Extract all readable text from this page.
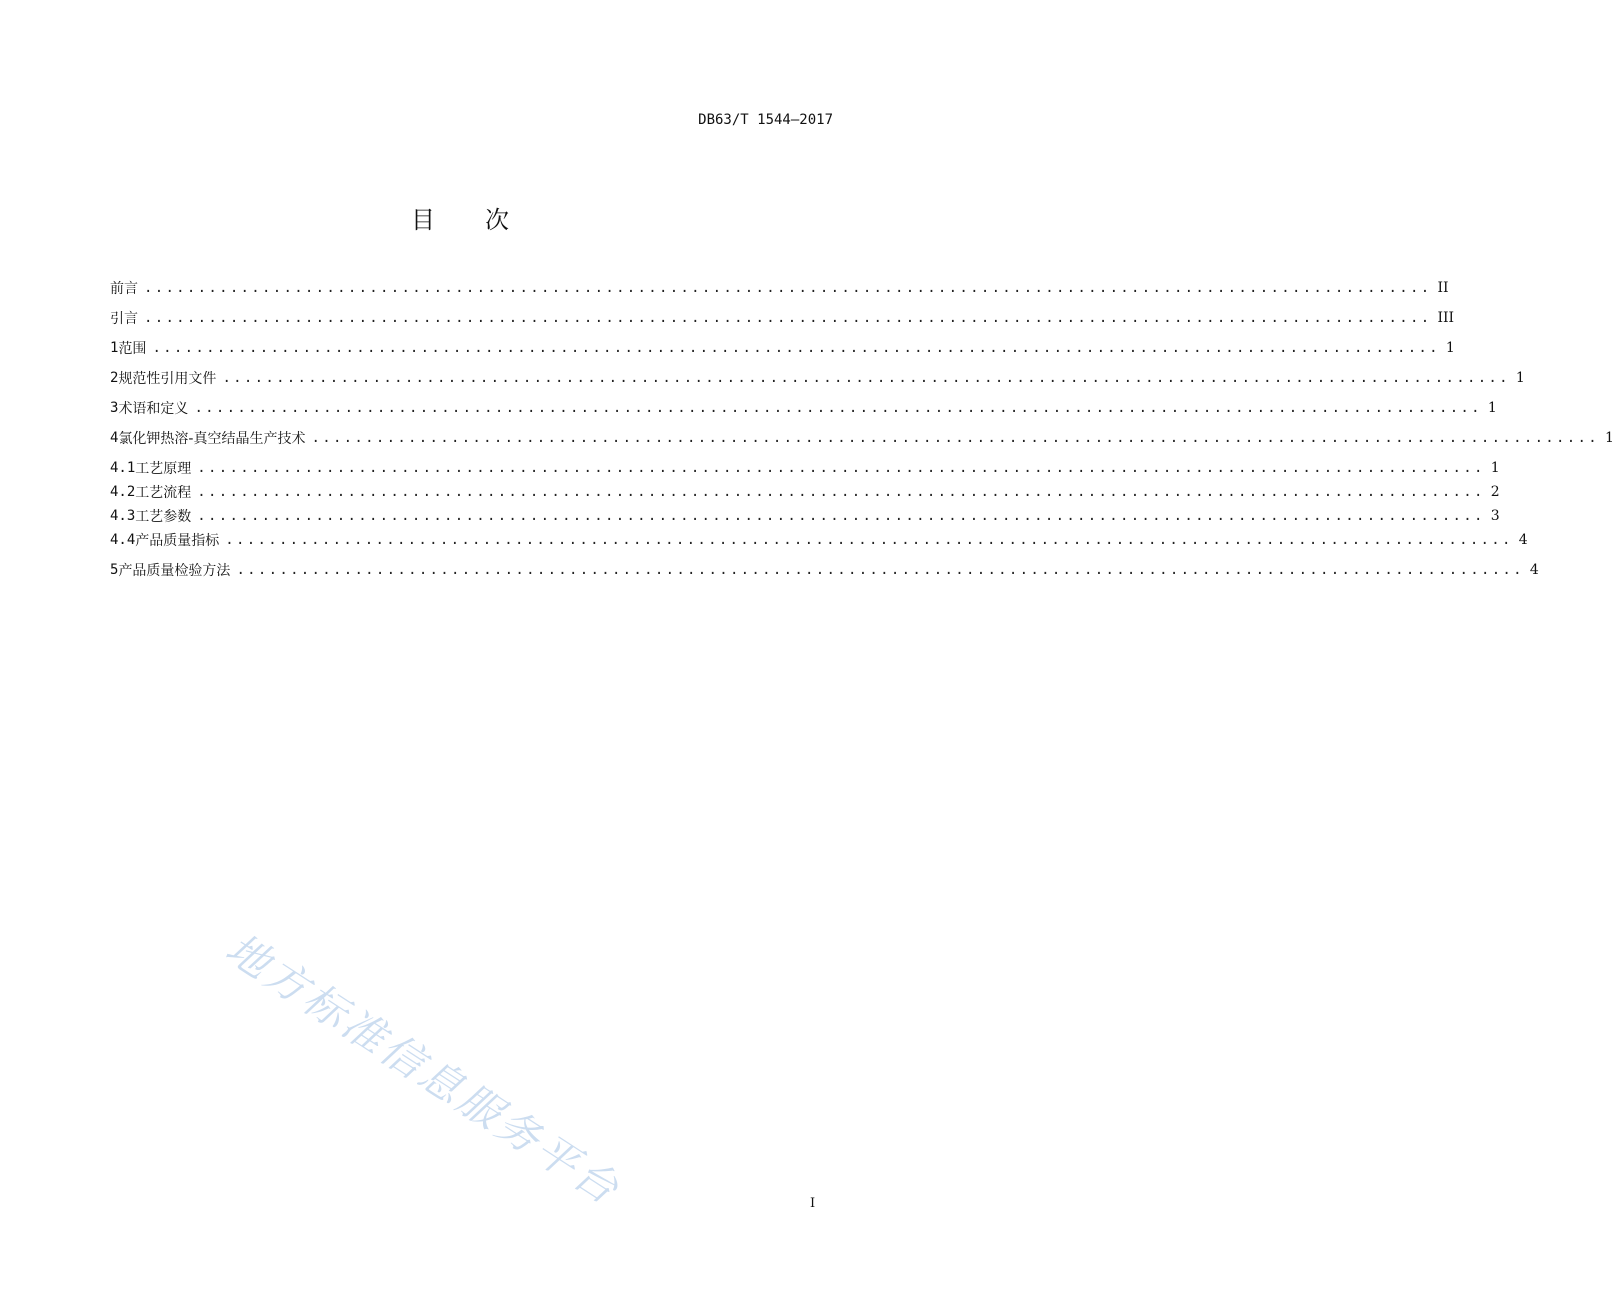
DB63/T 1544—2017
目 次
前言 ........................................................................................................................ II
引言 ........................................................................................................................ III
1 范围 ........................................................................................................................ 1
2 规范性引用文件 ........................................................................................................................ 1
3 术语和定义 ........................................................................................................................ 1
4 氯化钾热溶-真空结晶生产技术 ........................................................................................................................ 1
4.1 工艺原理 ........................................................................................................................ 1
4.2 工艺流程 ........................................................................................................................ 2
4.3 工艺参数 ........................................................................................................................ 3
4.4 产品质量指标 ........................................................................................................................ 4
5 产品质量检验方法 ........................................................................................................................ 4
地方标准信息服务平台	I
